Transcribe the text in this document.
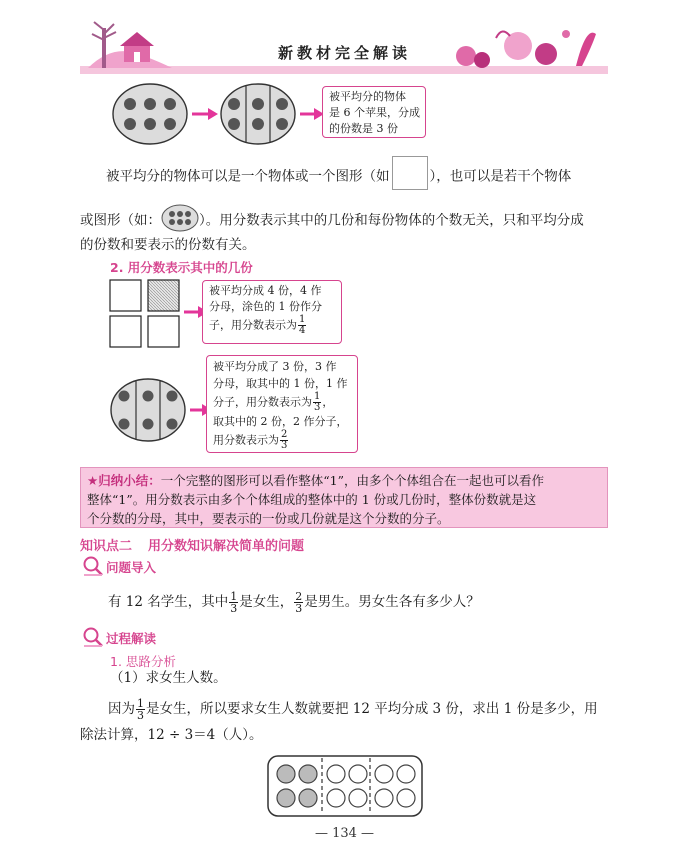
新教材完全解读
被平均分的物体
是 6 个苹果，分成
的份数是 3 份
被平均分的物体可以是一个物体或一个图形（如	），也可以是若干个物体
或图形（如：	）。用分数表示其中的几份和每份物体的个数无关，只和平均分成
的份数和要表示的份数有关。
2. 用分数表示其中的几份
被平均分成 4 份，4 作
分母，涂色的 1 份作分
子，用分数表示为 $\frac{1}{4}$
被平均分成了 3 份，3 作
分母，取其中的 1 份，1 作
分子，用分数表示为 $\frac{1}{3}$ ，
取其中的 2 份，2 作分子，
用分数表示为 $\frac{2}{3}$
★归纳小结：一个完整的图形可以看作整体“1”，由多个个体组合在一起也可以看作
整体“1”。用分数表示由多个个体组成的整体中的 1 份或几份时，整体份数就是这
个分数的分母，其中，要表示的一份或几份就是这个分数的分子。
知识点二 用分数知识解决简单的问题
问题导入
有 12 名学生，其中 $\frac{1}{3}$ 是女生， $\frac{2}{3}$ 是男生。男女生各有多少人？
过程解读
1. 思路分析
（1）求女生人数。
因为 $\frac{1}{3}$ 是女生，所以要求女生人数就要把 12 平均分成 3 份，求出 1 份是多少，用
除法计算，12 ÷ 3＝4（人）。
— 134 —
